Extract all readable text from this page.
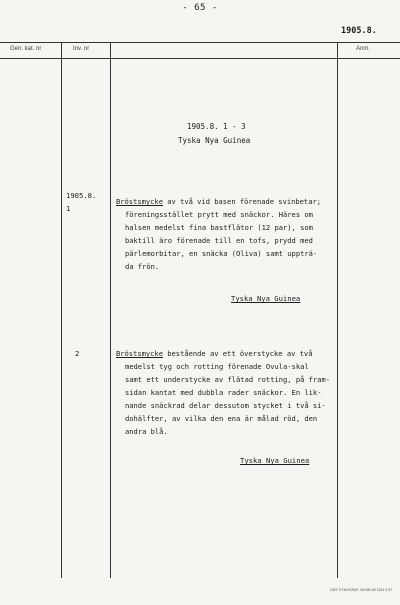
- 65 -
1905.8.
Gen. kat. nr	Inv. nr	Anm.
1905.8. 1 - 3
Tyska Nya Guinea
1905.8.
1
Bröstsmycke av två vid basen förenade svinbetar;
föreningsstället prytt med snäckor. Häres om
halsen medelst fina bastflätor (12 par), som
baktill äro förenade till en tofs, prydd med
pärlemorbitar, en snäcka (Oliva) samt uppträ-
da frön.
Tyska Nya Guinea
2	Bröstsmycke bestående av ett överstycke av två
medelst tyg och rotting förenade Ovula-skal
samt ett understycke av flätad rotting, på fram-
sidan kantat med dubbla rader snäckor. En lik-
nande snäckrad delar dessutom stycket i två si-
dohälfter, av vilka den ena är målad röd, den
andra blå.
Tyska Nya Guinea
GØT. ETNOGRAF. MUSEUM 1824 5 67
